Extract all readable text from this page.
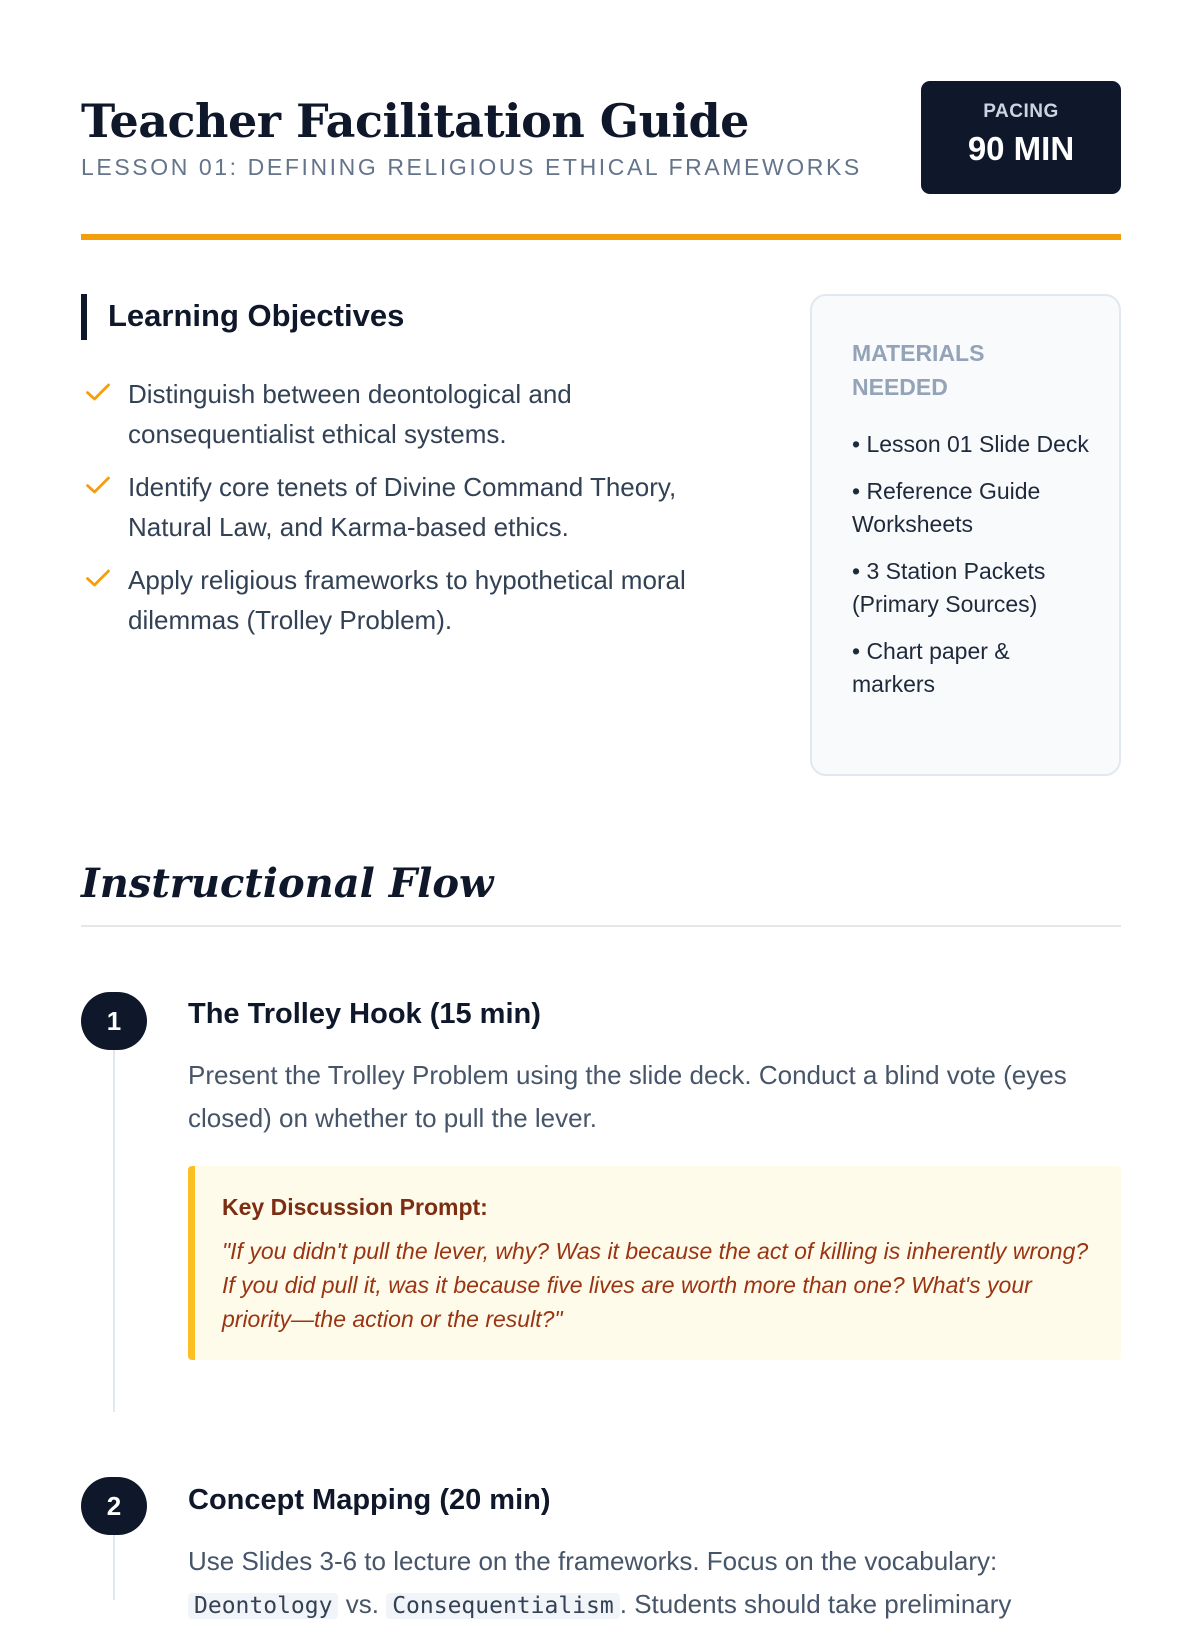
Teacher Facilitation Guide
LESSON 01: DEFINING RELIGIOUS ETHICAL FRAMEWORKS
PACING
90 MIN
Learning Objectives
Distinguish between deontological and consequentialist ethical systems.
Identify core tenets of Divine Command Theory, Natural Law, and Karma-based ethics.
Apply religious frameworks to hypothetical moral dilemmas (Trolley Problem).
MATERIALS NEEDED
• Lesson 01 Slide Deck
• Reference Guide Worksheets
• 3 Station Packets (Primary Sources)
• Chart paper & markers
Instructional Flow
1	The Trolley Hook (15 min)

Present the Trolley Problem using the slide deck. Conduct a blind vote (eyes closed) on whether to pull the lever.

Key Discussion Prompt:
"If you didn't pull the lever, why? Was it because the act of killing is inherently wrong? If you did pull it, was it because five lives are worth more than one? What's your priority—the action or the result?"
2	Concept Mapping (20 min)

Use Slides 3-6 to lecture on the frameworks. Focus on the vocabulary:
Deontology vs. Consequentialism . Students should take preliminary
